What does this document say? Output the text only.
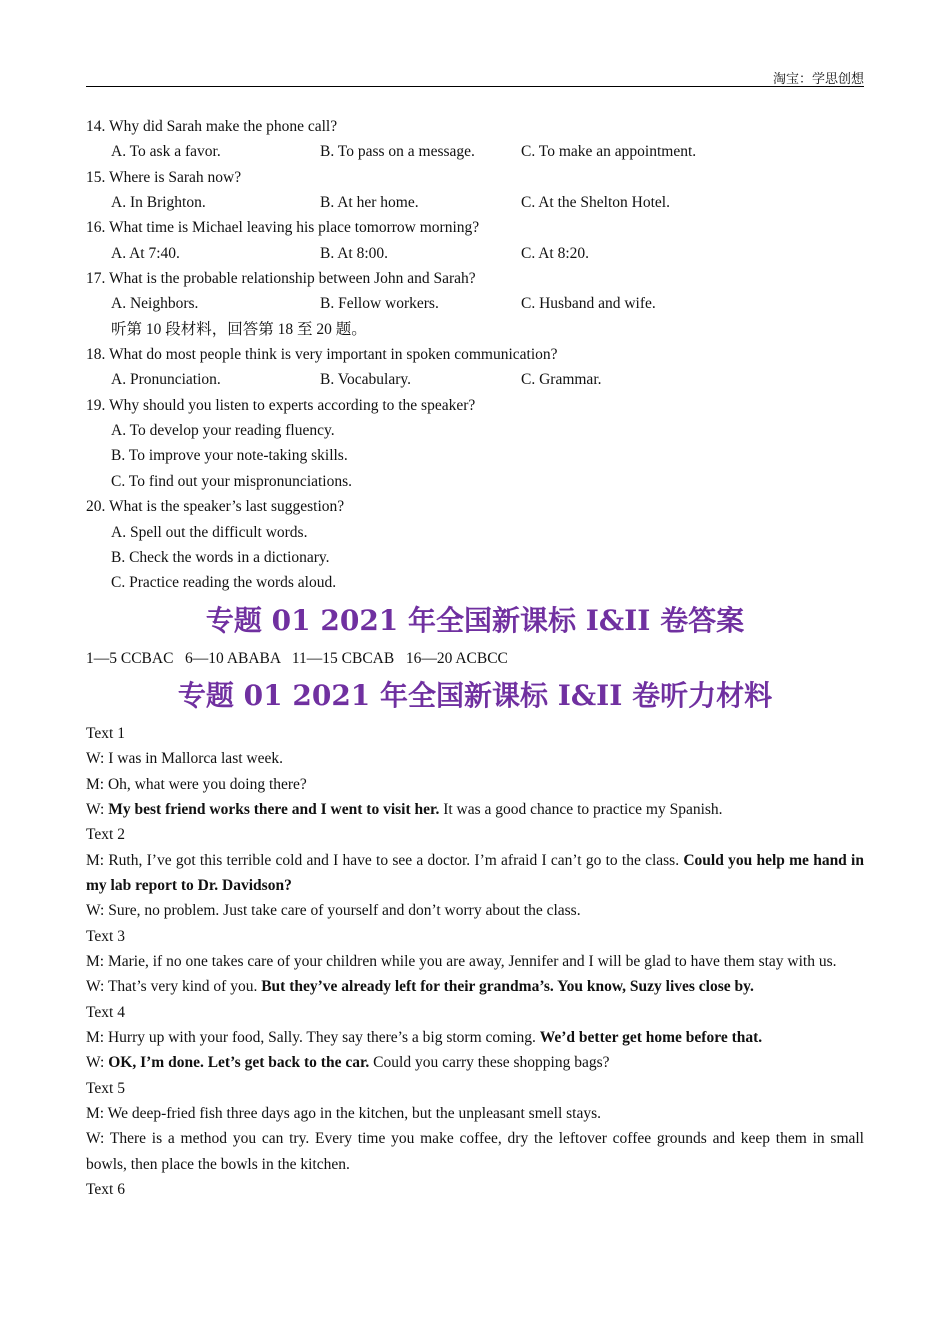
淘宝：学思创想
14. Why did Sarah make the phone call?
A. To ask a favor.	B. To pass on a message.	C. To make an appointment.
15. Where is Sarah now?
A. In Brighton.	B. At her home.	C. At the Shelton Hotel.
16. What time is Michael leaving his place tomorrow morning?
A. At 7:40.	B. At 8:00.	C. At 8:20.
17. What is the probable relationship between John and Sarah?
A. Neighbors.	B. Fellow workers.	C. Husband and wife.
听第 10 段材料，回答第 18 至 20 题。
18. What do most people think is very important in spoken communication?
A. Pronunciation.	B. Vocabulary.	C. Grammar.
19. Why should you listen to experts according to the speaker?
A. To develop your reading fluency.
B. To improve your note-taking skills.
C. To find out your mispronunciations.
20. What is the speaker’s last suggestion?
A. Spell out the difficult words.
B. Check the words in a dictionary.
C. Practice reading the words aloud.
专题 01 2021 年全国新课标 I&II 卷答案
1—5 CCBAC   6—10 ABABA   11—15 CBCAB   16—20 ACBCC
专题 01 2021 年全国新课标 I&II 卷听力材料
Text 1
W: I was in Mallorca last week.
M: Oh, what were you doing there?
W: My best friend works there and I went to visit her. It was a good chance to practice my Spanish.
Text 2
M: Ruth, I’ve got this terrible cold and I have to see a doctor. I’m afraid I can’t go to the class. Could you help me hand in my lab report to Dr. Davidson?
W: Sure, no problem. Just take care of yourself and don’t worry about the class.
Text 3
M: Marie, if no one takes care of your children while you are away, Jennifer and I will be glad to have them stay with us.
W: That’s very kind of you. But they’ve already left for their grandma’s. You know, Suzy lives close by.
Text 4
M: Hurry up with your food, Sally. They say there’s a big storm coming. We’d better get home before that.
W: OK, I’m done. Let’s get back to the car. Could you carry these shopping bags?
Text 5
M: We deep-fried fish three days ago in the kitchen, but the unpleasant smell stays.
W: There is a method you can try. Every time you make coffee, dry the leftover coffee grounds and keep them in small bowls, then place the bowls in the kitchen.
Text 6
